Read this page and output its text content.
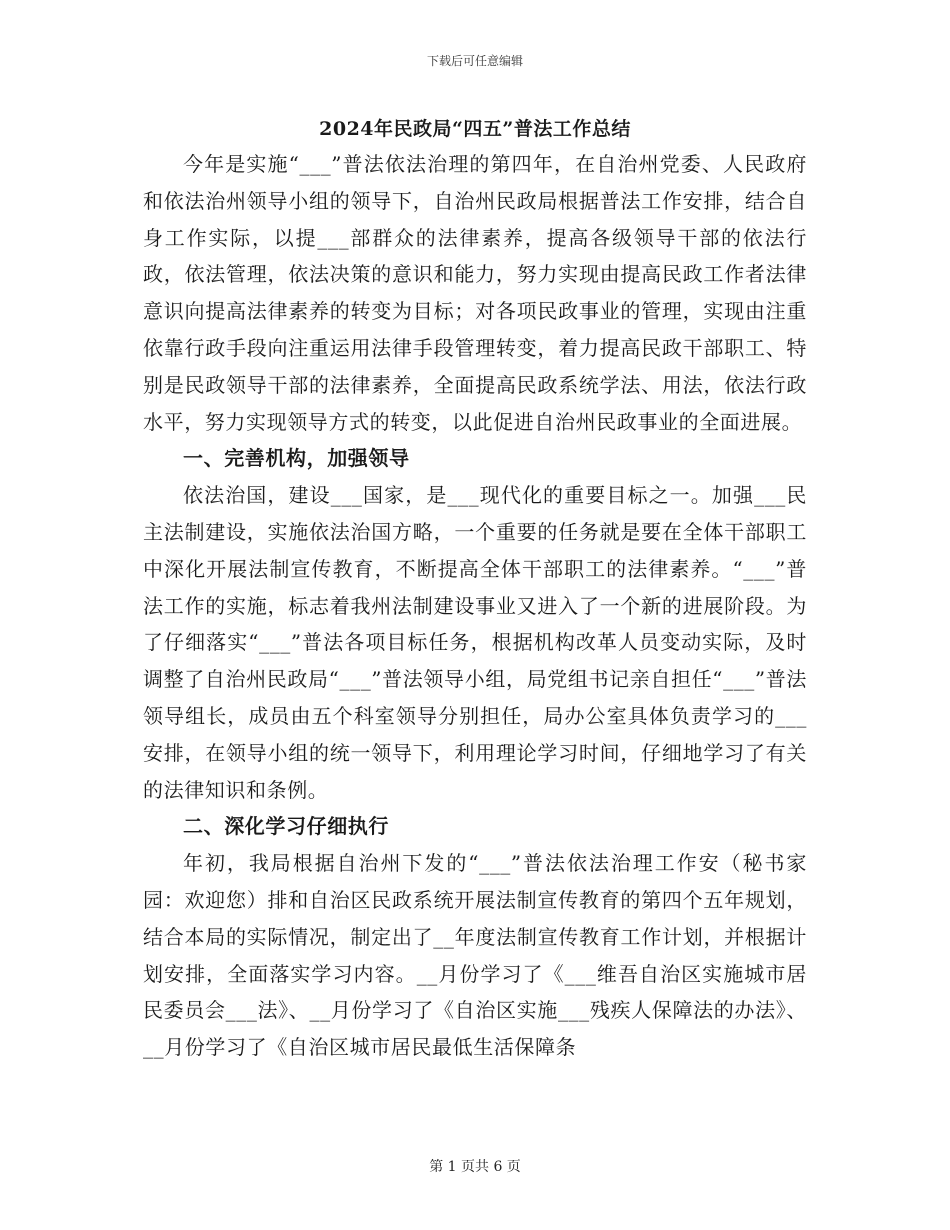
下载后可任意编辑
2024年民政局“四五”普法工作总结

今年是实施“___”普法依法治理的第四年，在自治州党委、人民政府和依法治州领导小组的领导下，自治州民政局根据普法工作安排，结合自身工作实际，以提___部群众的法律素养，提高各级领导干部的依法行政，依法管理，依法决策的意识和能力，努力实现由提高民政工作者法律意识向提高法律素养的转变为目标；对各项民政事业的管理，实现由注重依靠行政手段向注重运用法律手段管理转变，着力提高民政干部职工、特别是民政领导干部的法律素养，全面提高民政系统学法、用法，依法行政水平，努力实现领导方式的转变，以此促进自治州民政事业的全面进展。

一、完善机构，加强领导

依法治国，建设___国家，是___现代化的重要目标之一。加强___民主法制建设，实施依法治国方略，一个重要的任务就是要在全体干部职工中深化开展法制宣传教育，不断提高全体干部职工的法律素养。“___”普法工作的实施，标志着我州法制建设事业又进入了一个新的进展阶段。为了仔细落实“___”普法各项目标任务，根据机构改革人员变动实际，及时调整了自治州民政局“___”普法领导小组，局党组书记亲自担任“___”普法领导组长，成员由五个科室领导分别担任，局办公室具体负责学习的___安排，在领导小组的统一领导下，利用理论学习时间，仔细地学习了有关的法律知识和条例。

二、深化学习仔细执行

年初，我局根据自治州下发的“___”普法依法治理工作安（秘书家园：欢迎您）排和自治区民政系统开展法制宣传教育的第四个五年规划，结合本局的实际情况，制定出了__年度法制宣传教育工作计划，并根据计划安排，全面落实学习内容。__月份学习了《___维吾自治区实施城市居民委员会___法》、__月份学习了《自治区实施___残疾人保障法的办法》、__月份学习了《自治区城市居民最低生活保障条

第 1 页共 6 页
